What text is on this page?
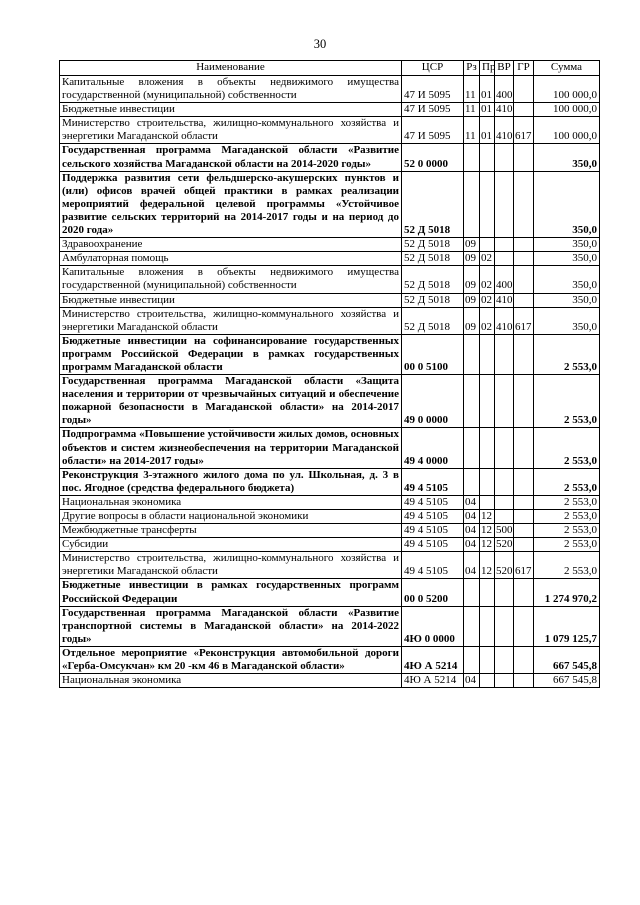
30
Наименование	ЦСР	Рз	Пр	ВР	ГР	Сумма
Капитальные вложения в объекты недвижимого имущества государственной (муниципальной) собственности	47 И 5095	11	01	400		100 000,0
Бюджетные инвестиции	47 И 5095	11	01	410		100 000,0
Министерство строительства, жилищно-коммунального хозяйства и энергетики Магаданской области	47 И 5095	11	01	410	617	100 000,0
Государственная программа Магаданской области «Развитие сельского хозяйства Магаданской области на 2014-2020 годы»	52 0 0000					350,0
Поддержка развития сети фельдшерско-акушерских пунктов и (или) офисов врачей общей практики в рамках реализации мероприятий федеральной целевой программы «Устойчивое развитие сельских территорий на 2014-2017 годы и на период до 2020 года»	52 Д 5018					350,0
Здравоохранение	52 Д 5018	09				350,0
Амбулаторная помощь	52 Д 5018	09	02			350,0
Капитальные вложения в объекты недвижимого имущества государственной (муниципальной) собственности	52 Д 5018	09	02	400		350,0
Бюджетные инвестиции	52 Д 5018	09	02	410		350,0
Министерство строительства, жилищно-коммунального хозяйства и энергетики Магаданской области	52 Д 5018	09	02	410	617	350,0
Бюджетные инвестиции на софинансирование государственных программ Российской Федерации в рамках государственных программ Магаданской области	00 0 5100					2 553,0
Государственная программа Магаданской области «Защита населения и территории от чрезвычайных ситуаций и обеспечение пожарной безопасности в Магаданской области» на 2014-2017 годы»	49 0 0000					2 553,0
Подпрограмма «Повышение устойчивости жилых домов, основных объектов и систем жизнеобеспечения на территории Магаданской области» на 2014-2017 годы»	49 4 0000					2 553,0
Реконструкция 3-этажного жилого дома по ул. Школьная, д. 3 в пос. Ягодное (средства федерального бюджета)	49 4 5105					2 553,0
Национальная экономика	49 4 5105	04				2 553,0
Другие вопросы в области национальной экономики	49 4 5105	04	12			2 553,0
Межбюджетные трансферты	49 4 5105	04	12	500		2 553,0
Субсидии	49 4 5105	04	12	520		2 553,0
Министерство строительства, жилищно-коммунального хозяйства и энергетики Магаданской области	49 4 5105	04	12	520	617	2 553,0
Бюджетные инвестиции в рамках государственных программ Российской Федерации	00 0 5200					1 274 970,2
Государственная программа Магаданской области «Развитие транспортной системы в Магаданской области» на 2014-2022 годы»	4Ю 0 0000					1 079 125,7
Отдельное мероприятие «Реконструкция автомобильной дороги «Герба-Омсукчан» км 20 -км 46 в Магаданской области»	4Ю А 5214					667 545,8
Национальная экономика	4Ю А 5214	04				667 545,8
